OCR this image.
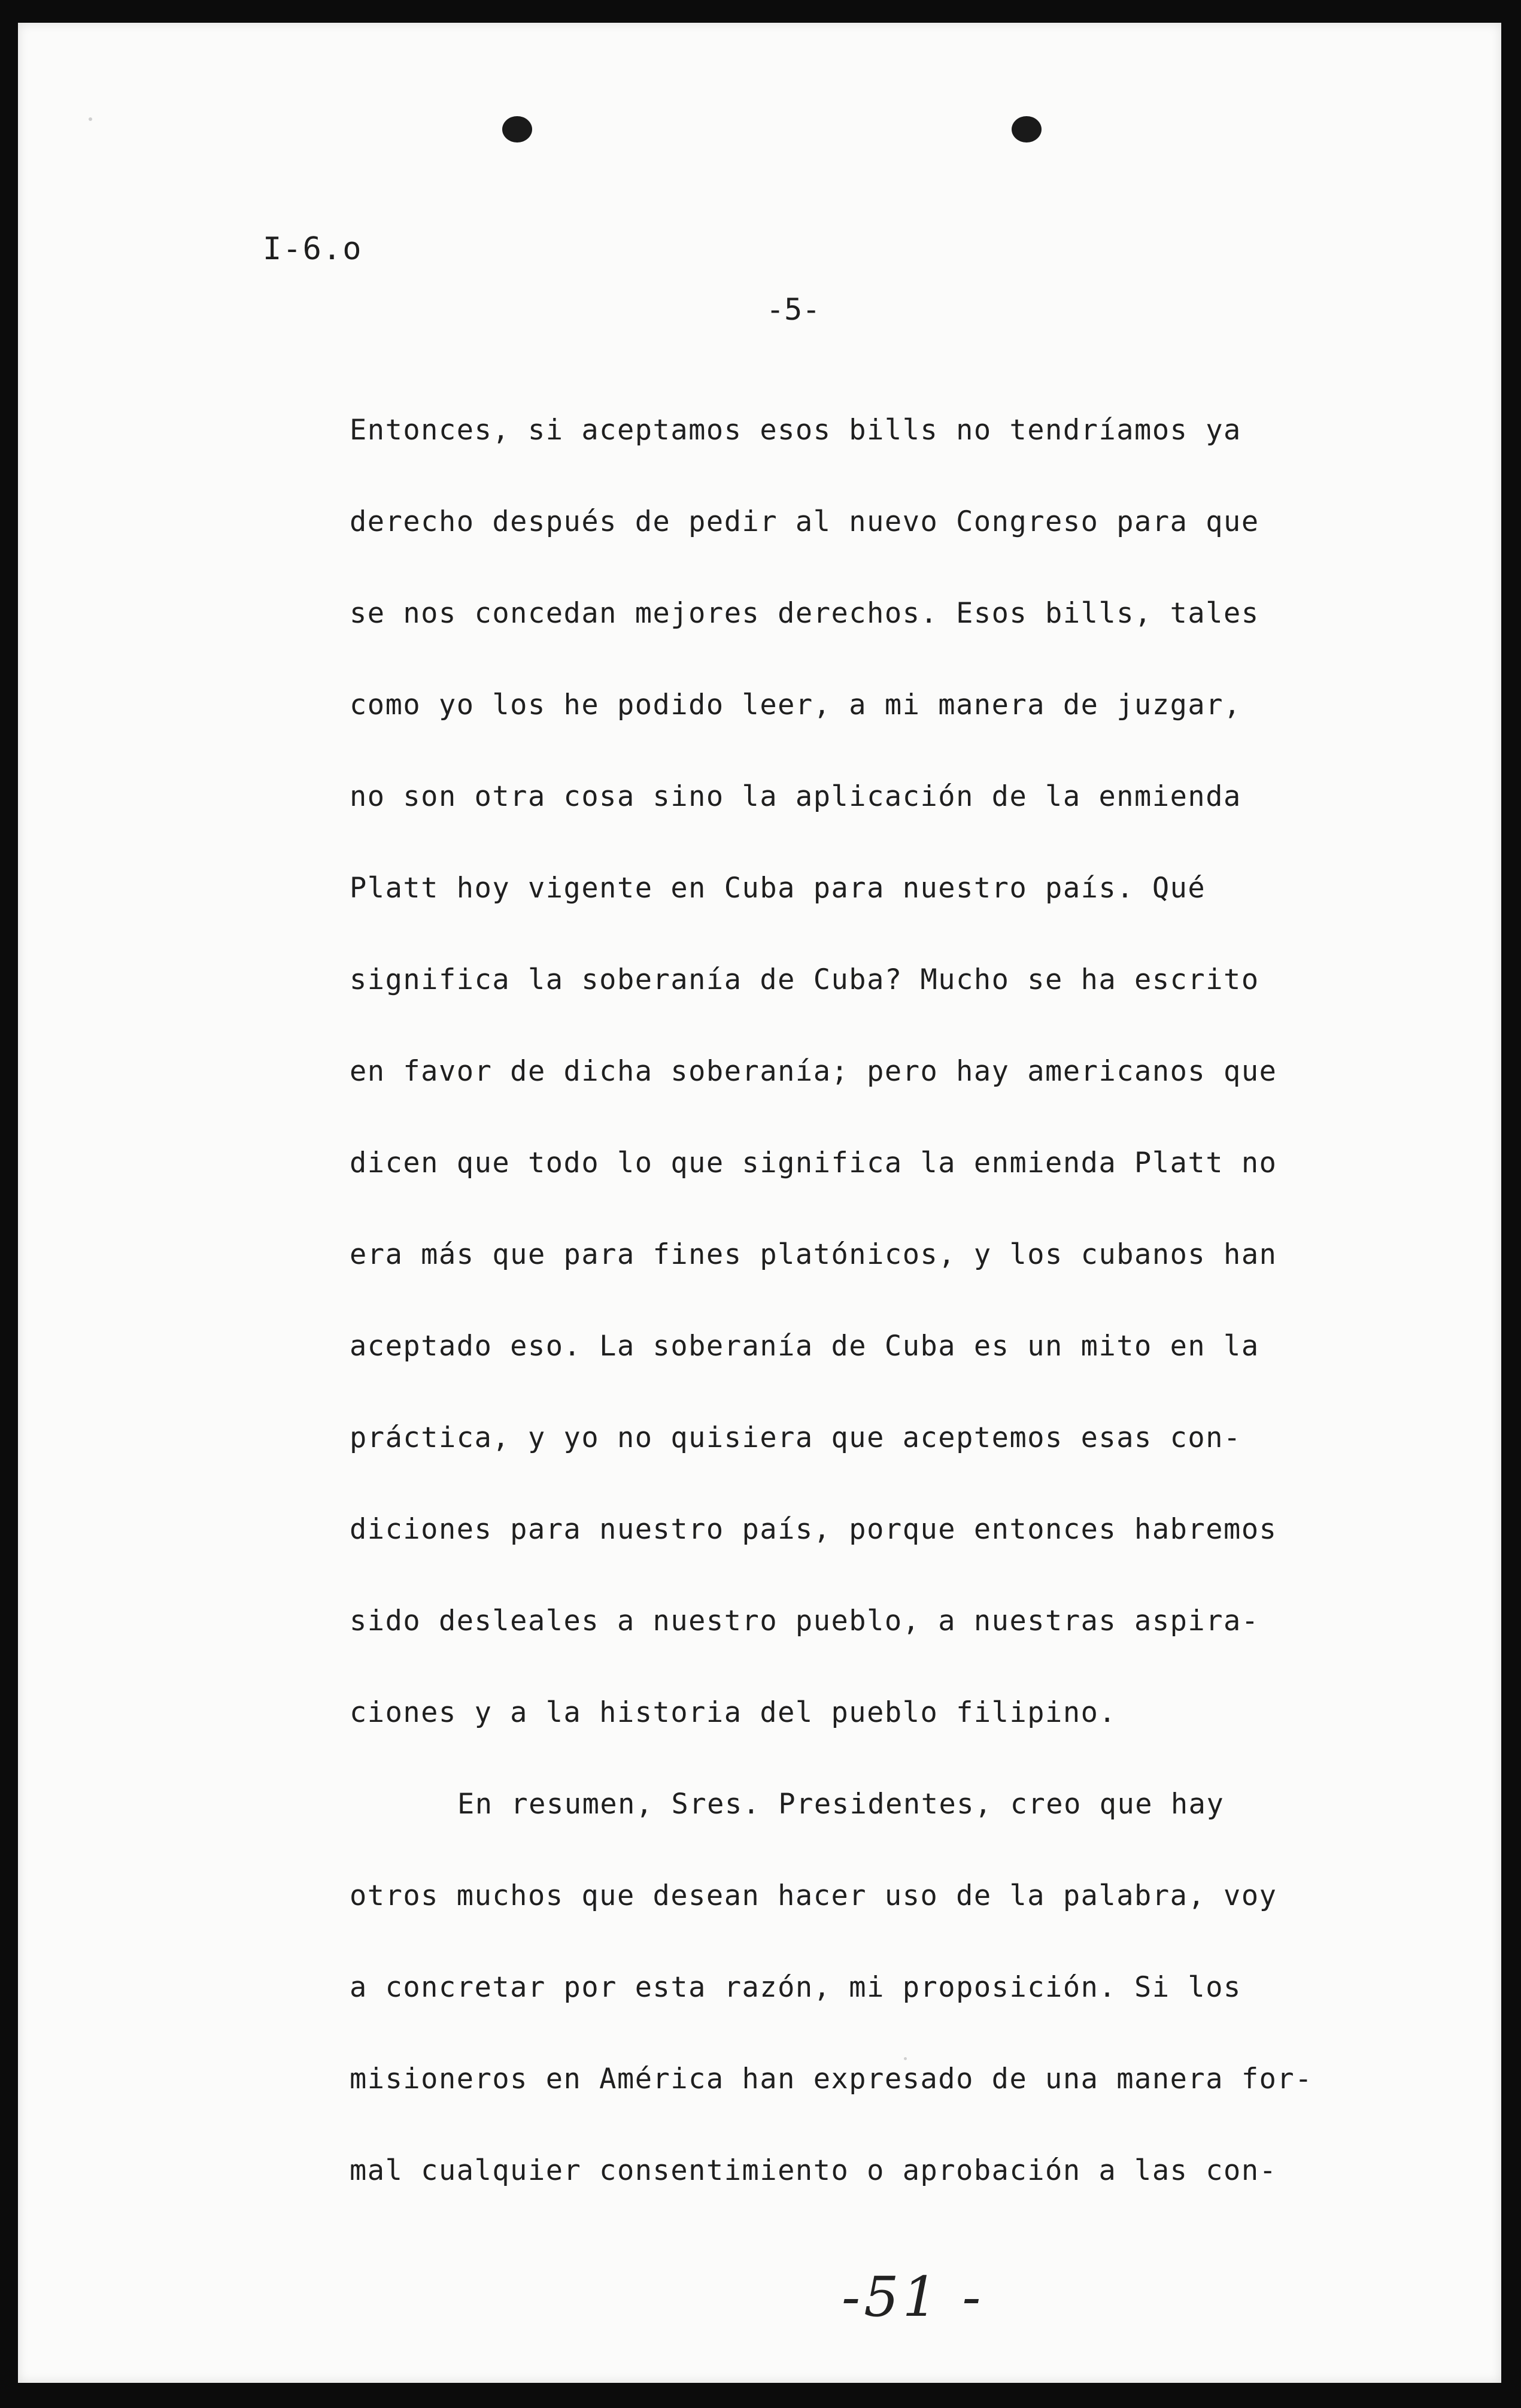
I-6.o
-5-
Entonces, si aceptamos esos bills no tendríamos ya
derecho después de pedir al nuevo Congreso para que
se nos concedan mejores derechos. Esos bills, tales
como yo los he podido leer, a mi manera de juzgar,
no son otra cosa sino la aplicación de la enmienda
Platt hoy vigente en Cuba para nuestro país. Qué
significa la soberanía de Cuba? Mucho se ha escrito
en favor de dicha soberanía; pero hay americanos que
dicen que todo lo que significa la enmienda Platt no
era más que para fines platónicos, y los cubanos han
aceptado eso. La soberanía de Cuba es un mito en la
práctica, y yo no quisiera que aceptemos esas con-
diciones para nuestro país, porque entonces habremos
sido desleales a nuestro pueblo, a nuestras aspira-
ciones y a la historia del pueblo filipino.
En resumen, Sres. Presidentes, creo que hay
otros muchos que desean hacer uso de la palabra, voy
a concretar por esta razón, mi proposición. Si los
misioneros en América han expresado de una manera for-
mal cualquier consentimiento o aprobación a las con-
-51 -
